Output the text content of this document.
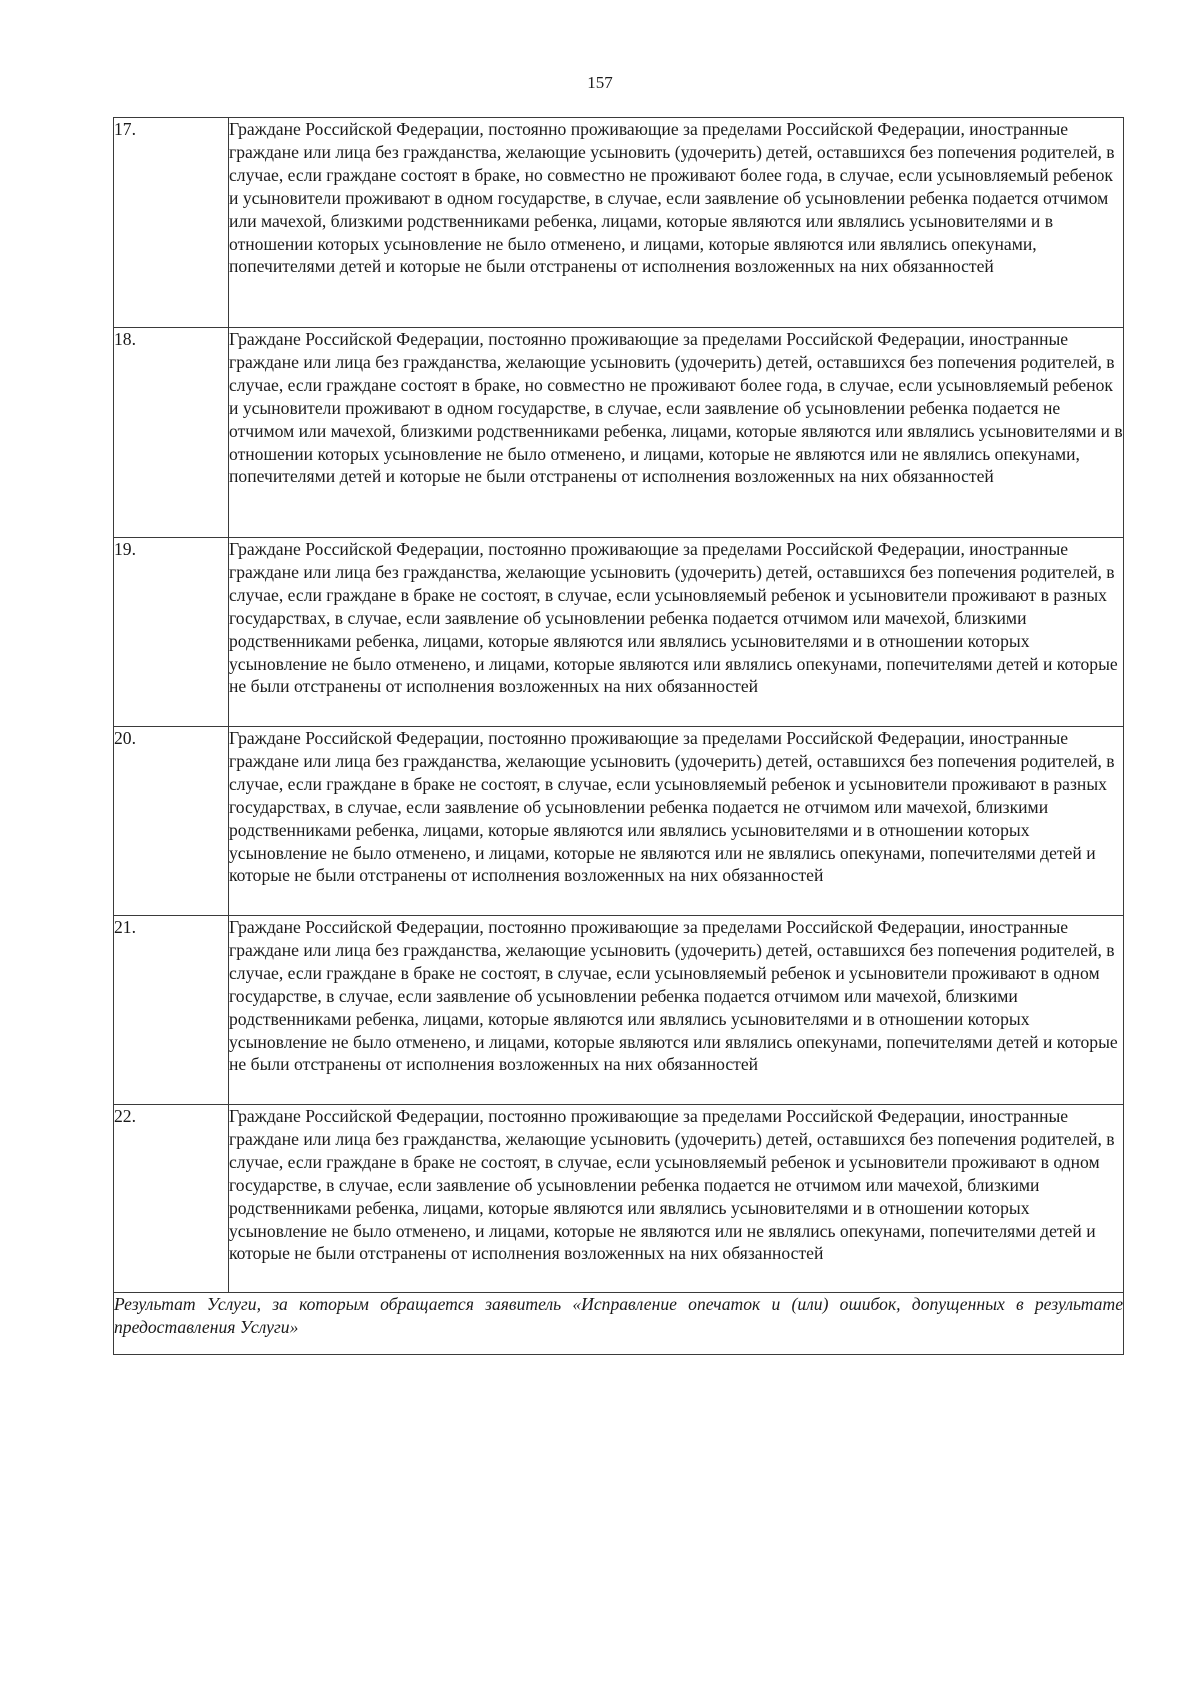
157
17.	Граждане Российской Федерации, постоянно проживающие за пределами Российской Федерации, иностранные граждане или лица без гражданства, желающие усыновить (удочерить) детей, оставшихся без попечения родителей, в случае, если граждане состоят в браке, но совместно не проживают более года, в случае, если усыновляемый ребенок и усыновители проживают в одном государстве, в случае, если заявление об усыновлении ребенка подается отчимом или мачехой, близкими родственниками ребенка, лицами, которые являются или являлись усыновителями и в отношении которых усыновление не было отменено, и лицами, которые являются или являлись опекунами, попечителями детей и которые не были отстранены от исполнения возложенных на них обязанностей
18.	Граждане Российской Федерации, постоянно проживающие за пределами Российской Федерации, иностранные граждане или лица без гражданства, желающие усыновить (удочерить) детей, оставшихся без попечения родителей, в случае, если граждане состоят в браке, но совместно не проживают более года, в случае, если усыновляемый ребенок и усыновители проживают в одном государстве, в случае, если заявление об усыновлении ребенка подается не отчимом или мачехой, близкими родственниками ребенка, лицами, которые являются или являлись усыновителями и в отношении которых усыновление не было отменено, и лицами, которые не являются или не являлись опекунами, попечителями детей и которые не были отстранены от исполнения возложенных на них обязанностей
19.	Граждане Российской Федерации, постоянно проживающие за пределами Российской Федерации, иностранные граждане или лица без гражданства, желающие усыновить (удочерить) детей, оставшихся без попечения родителей, в случае, если граждане в браке не состоят, в случае, если усыновляемый ребенок и усыновители проживают в разных государствах, в случае, если заявление об усыновлении ребенка подается отчимом или мачехой, близкими родственниками ребенка, лицами, которые являются или являлись усыновителями и в отношении которых усыновление не было отменено, и лицами, которые являются или являлись опекунами, попечителями детей и которые не были отстранены от исполнения возложенных на них обязанностей
20.	Граждане Российской Федерации, постоянно проживающие за пределами Российской Федерации, иностранные граждане или лица без гражданства, желающие усыновить (удочерить) детей, оставшихся без попечения родителей, в случае, если граждане в браке не состоят, в случае, если усыновляемый ребенок и усыновители проживают в разных государствах, в случае, если заявление об усыновлении ребенка подается не отчимом или мачехой, близкими родственниками ребенка, лицами, которые являются или являлись усыновителями и в отношении которых усыновление не было отменено, и лицами, которые не являются или не являлись опекунами, попечителями детей и которые не были отстранены от исполнения возложенных на них обязанностей
21.	Граждане Российской Федерации, постоянно проживающие за пределами Российской Федерации, иностранные граждане или лица без гражданства, желающие усыновить (удочерить) детей, оставшихся без попечения родителей, в случае, если граждане в браке не состоят, в случае, если усыновляемый ребенок и усыновители проживают в одном государстве, в случае, если заявление об усыновлении ребенка подается отчимом или мачехой, близкими родственниками ребенка, лицами, которые являются или являлись усыновителями и в отношении которых усыновление не было отменено, и лицами, которые являются или являлись опекунами, попечителями детей и которые не были отстранены от исполнения возложенных на них обязанностей
22.	Граждане Российской Федерации, постоянно проживающие за пределами Российской Федерации, иностранные граждане или лица без гражданства, желающие усыновить (удочерить) детей, оставшихся без попечения родителей, в случае, если граждане в браке не состоят, в случае, если усыновляемый ребенок и усыновители проживают в одном государстве, в случае, если заявление об усыновлении ребенка подается не отчимом или мачехой, близкими родственниками ребенка, лицами, которые являются или являлись усыновителями и в отношении которых усыновление не было отменено, и лицами, которые не являются или не являлись опекунами, попечителями детей и которые не были отстранены от исполнения возложенных на них обязанностей
Результат Услуги, за которым обращается заявитель «Исправление опечаток и (или) ошибок, допущенных в результате предоставления Услуги»	
